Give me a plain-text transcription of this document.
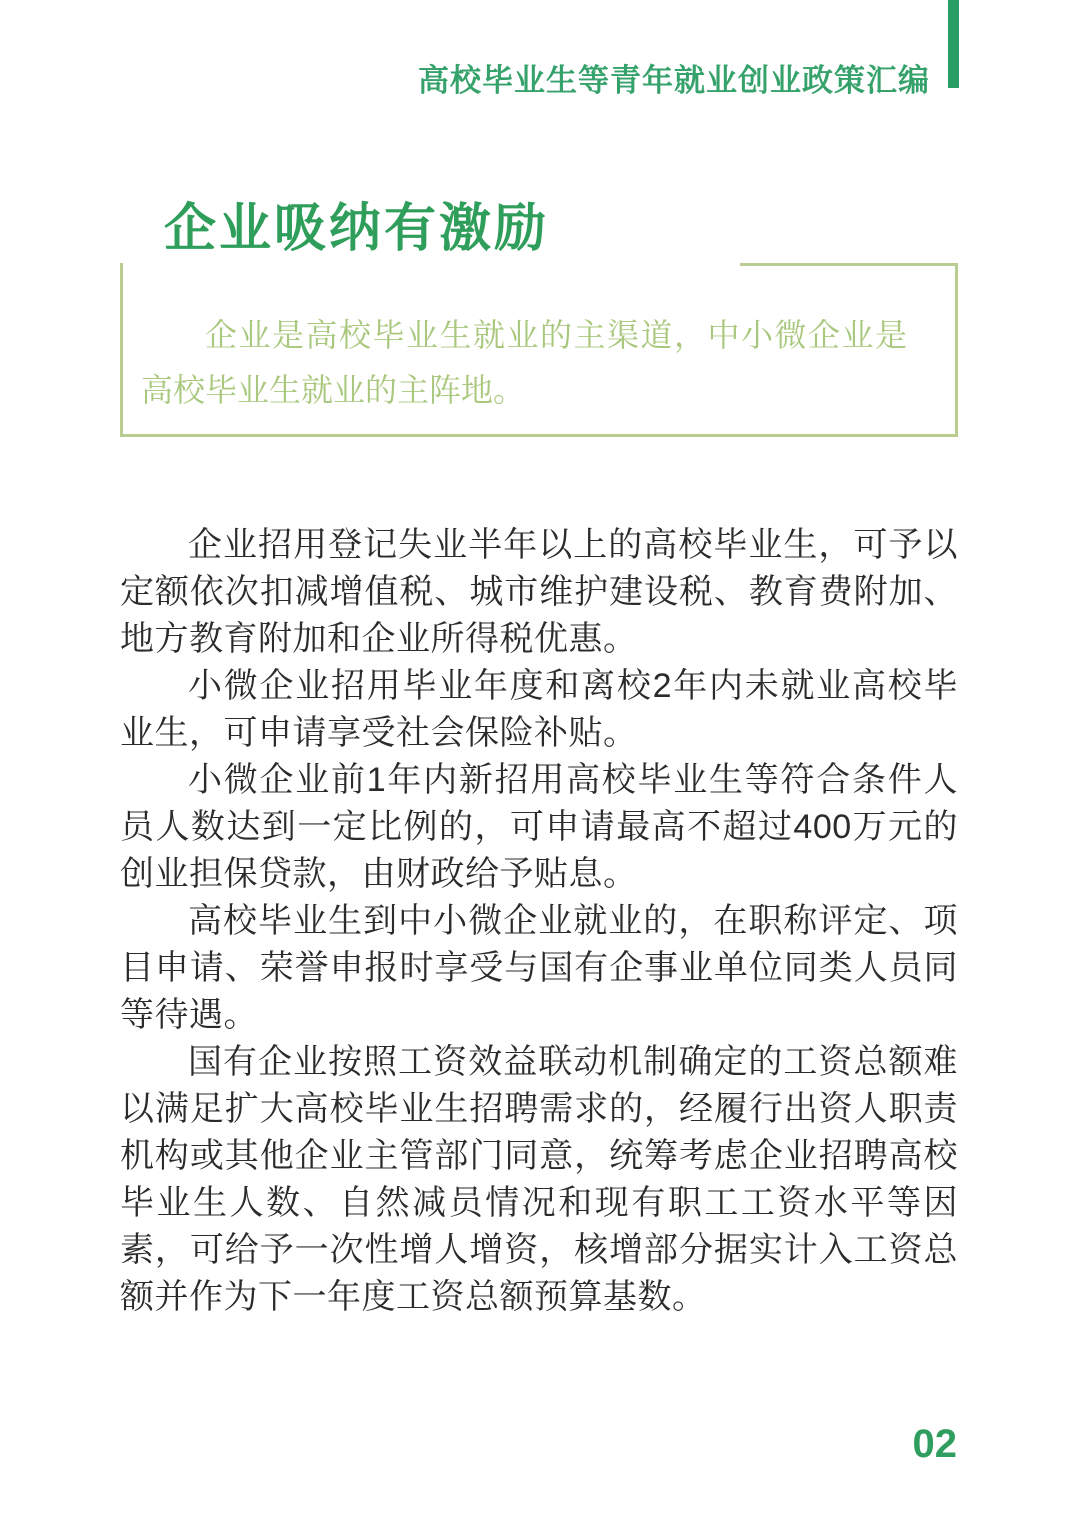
高校毕业生等青年就业创业政策汇编
企业吸纳有激励

企业是高校毕业生就业的主渠道，中小微企业是高校毕业生就业的主阵地。

企业招用登记失业半年以上的高校毕业生，可予以定额依次扣减增值税、城市维护建设税、教育费附加、地方教育附加和企业所得税优惠。

小微企业招用毕业年度和离校2年内未就业高校毕业生，可申请享受社会保险补贴。

小微企业前1年内新招用高校毕业生等符合条件人员人数达到一定比例的，可申请最高不超过400万元的创业担保贷款，由财政给予贴息。

高校毕业生到中小微企业就业的，在职称评定、项目申请、荣誉申报时享受与国有企事业单位同类人员同等待遇。

国有企业按照工资效益联动机制确定的工资总额难以满足扩大高校毕业生招聘需求的，经履行出资人职责机构或其他企业主管部门同意，统筹考虑企业招聘高校毕业生人数、自然减员情况和现有职工工资水平等因素，可给予一次性增人增资，核增部分据实计入工资总额并作为下一年度工资总额预算基数。

02
